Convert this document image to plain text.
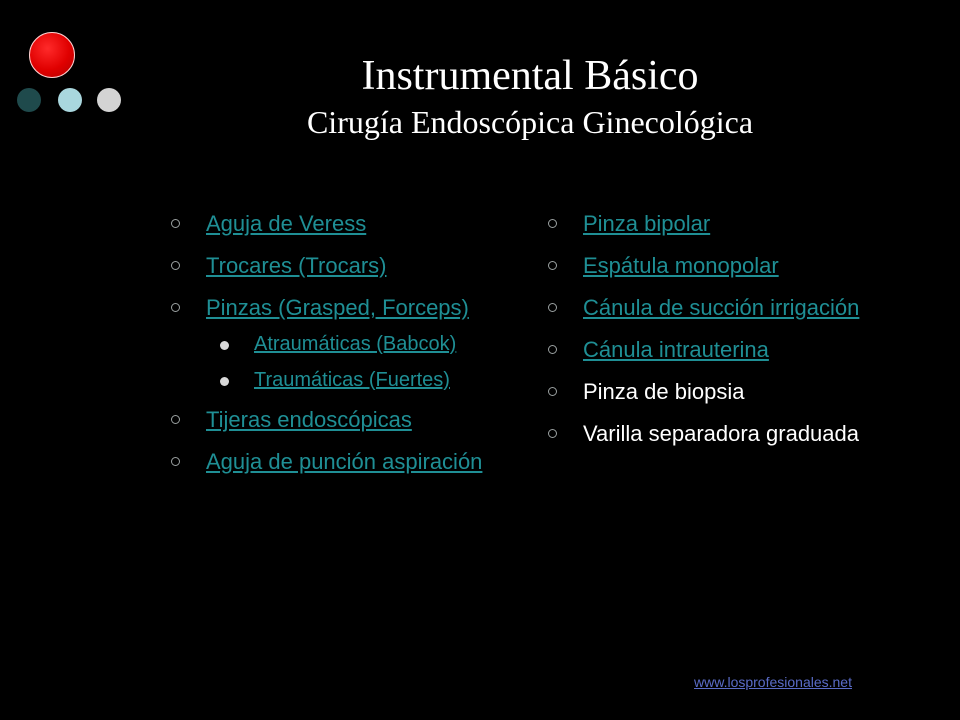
Instrumental Básico
Cirugía Endoscópica Ginecológica
Aguja de Veress
Trocares (Trocars)
Pinzas (Grasped, Forceps)
Atraumáticas (Babcok)
Traumáticas (Fuertes)
Tijeras endoscópicas
Aguja de punción aspiración
Pinza bipolar
Espátula monopolar
Cánula de succión irrigación
Cánula intrauterina
Pinza de biopsia
Varilla separadora graduada
www.losprofesionales.net
